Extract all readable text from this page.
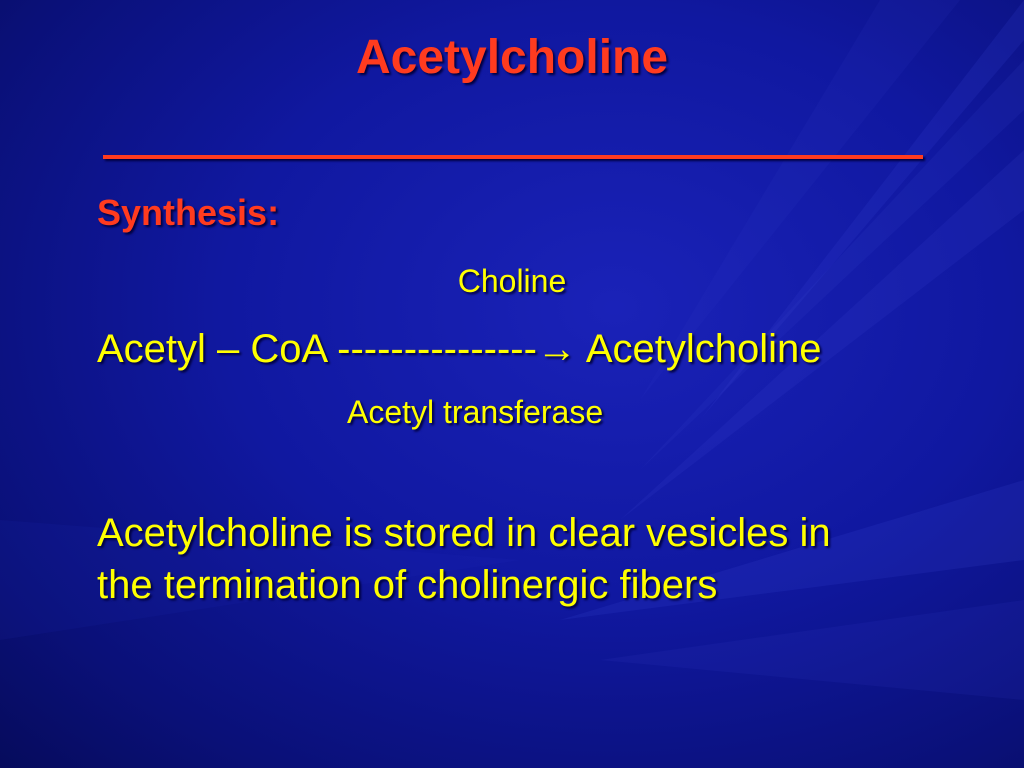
Acetylcholine
Synthesis:
Choline
Acetyl – CoA ---------------→ Acetylcholine
Acetyl transferase
Acetylcholine is stored in clear vesicles in
the termination of cholinergic fibers
